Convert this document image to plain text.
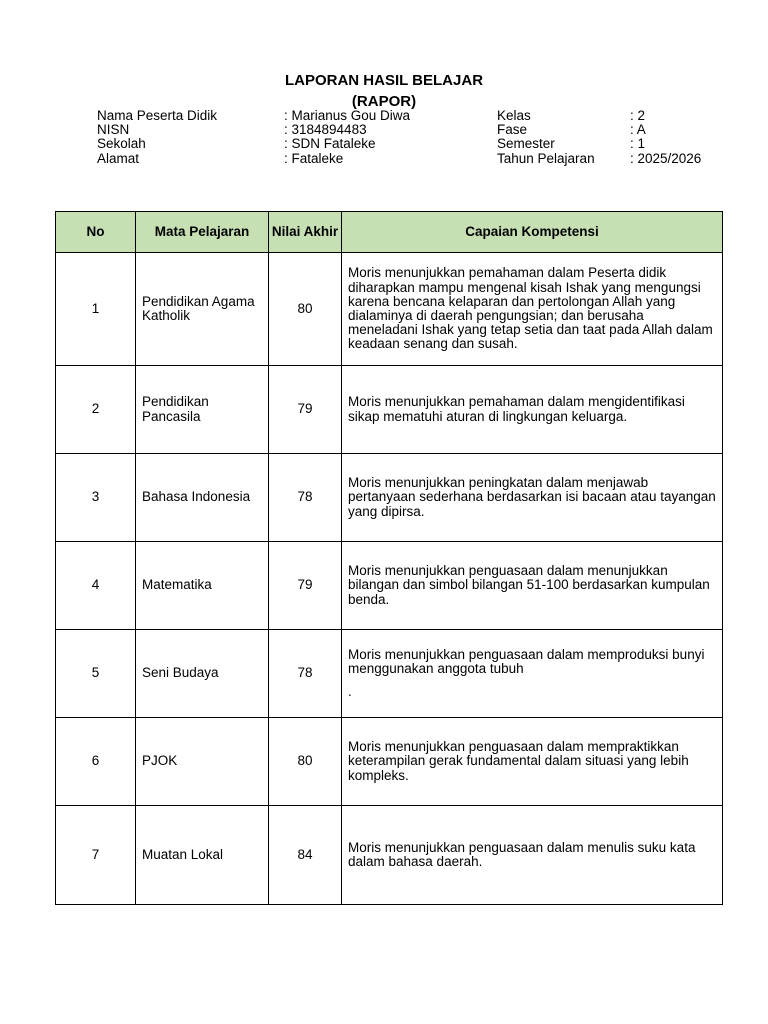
LAPORAN HASIL BELAJAR
(RAPOR)
Nama Peserta Didik	: Marianus Gou Diwa	Kelas	: 2
NISN	: 3184894483	Fase	: A
Sekolah	: SDN Fataleke	Semester	: 1
Alamat	: Fataleke	Tahun Pelajaran	: 2025/2026
No	Mata Pelajaran	Nilai Akhir	Capaian Kompetensi
1	Pendidikan Agama Katholik	80	Moris menunjukkan pemahaman dalam Peserta didik diharapkan mampu mengenal kisah Ishak yang mengungsi karena bencana kelaparan dan pertolongan Allah yang dialaminya di daerah pengungsian; dan berusaha meneladani Ishak yang tetap setia dan taat pada Allah dalam keadaan senang dan susah.
2	Pendidikan Pancasila	79	Moris menunjukkan pemahaman dalam mengidentifikasi sikap mematuhi aturan di lingkungan keluarga.
3	Bahasa Indonesia	78	Moris menunjukkan peningkatan dalam menjawab pertanyaan sederhana berdasarkan isi bacaan atau tayangan yang dipirsa.
4	Matematika	79	Moris menunjukkan penguasaan dalam menunjukkan bilangan dan simbol bilangan 51-100 berdasarkan kumpulan benda.
5	Seni Budaya	78	Moris menunjukkan penguasaan dalam memproduksi bunyi menggunakan anggota tubuh
.

6	PJOK	80	Moris menunjukkan penguasaan dalam mempraktikkan keterampilan gerak fundamental dalam situasi yang lebih kompleks.
7	Muatan Lokal	84	Moris menunjukkan penguasaan dalam menulis suku kata dalam bahasa daerah.
